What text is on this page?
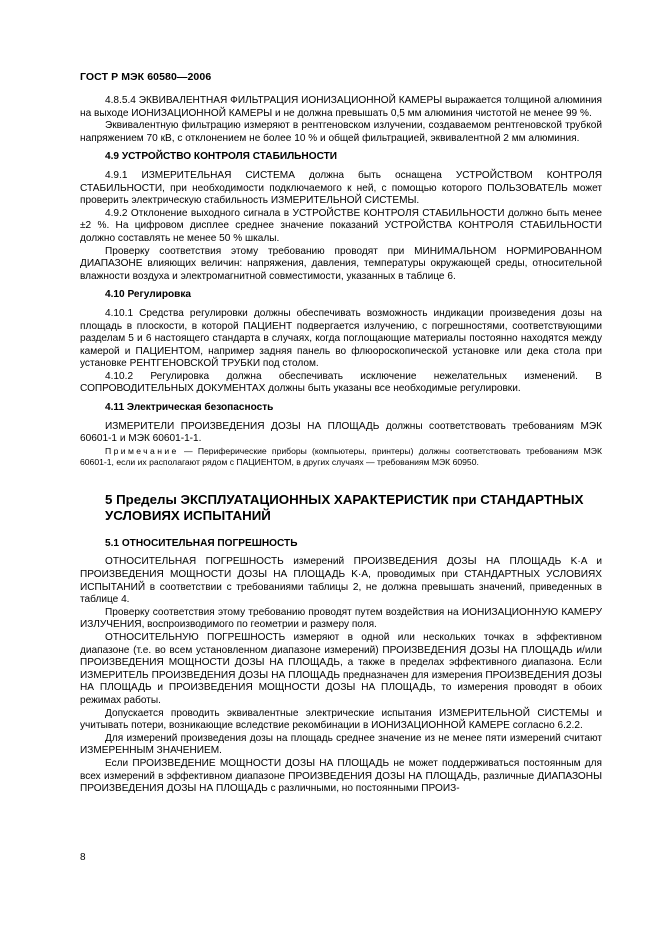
ГОСТ Р МЭК 60580—2006

4.8.5.4 ЭКВИВАЛЕНТНАЯ ФИЛЬТРАЦИЯ ИОНИЗАЦИОННОЙ КАМЕРЫ выражается толщиной алюминия на выходе ИОНИЗАЦИОННОЙ КАМЕРЫ и не должна превышать 0,5 мм алюминия чистотой не менее 99 %.

Эквивалентную фильтрацию измеряют в рентгеновском излучении, создаваемом рентгеновской трубкой напряжением 70 кВ, с отклонением не более 10 % и общей фильтрацией, эквивалентной 2 мм алюминия.

4.9 УСТРОЙСТВО КОНТРОЛЯ СТАБИЛЬНОСТИ

4.9.1 ИЗМЕРИТЕЛЬНАЯ СИСТЕМА должна быть оснащена УСТРОЙСТВОМ КОНТРОЛЯ СТАБИЛЬНОСТИ, при необходимости подключаемого к ней, с помощью которого ПОЛЬЗОВАТЕЛЬ может проверить электрическую стабильность ИЗМЕРИТЕЛЬНОЙ СИСТЕМЫ.

4.9.2 Отклонение выходного сигнала в УСТРОЙСТВЕ КОНТРОЛЯ СТАБИЛЬНОСТИ должно быть менее ±2 %. На цифровом дисплее среднее значение показаний УСТРОЙСТВА КОНТРОЛЯ СТАБИЛЬНОСТИ должно составлять не менее 50 % шкалы.

Проверку соответствия этому требованию проводят при МИНИМАЛЬНОМ НОРМИРОВАННОМ ДИАПАЗОНЕ влияющих величин: напряжения, давления, температуры окружающей среды, относительной влажности воздуха и электромагнитной совместимости, указанных в таблице 6.

4.10 Регулировка

4.10.1 Средства регулировки должны обеспечивать возможность индикации произведения дозы на площадь в плоскости, в которой ПАЦИЕНТ подвергается излучению, с погрешностями, соответствующими разделам 5 и 6 настоящего стандарта в случаях, когда поглощающие материалы постоянно находятся между камерой и ПАЦИЕНТОМ, например задняя панель во флюороскопической установке или дека стола при установке РЕНТГЕНОВСКОЙ ТРУБКИ под столом.

4.10.2 Регулировка должна обеспечивать исключение нежелательных изменений. В СОПРОВОДИТЕЛЬНЫХ ДОКУМЕНТАХ должны быть указаны все необходимые регулировки.

4.11 Электрическая безопасность

ИЗМЕРИТЕЛИ ПРОИЗВЕДЕНИЯ ДОЗЫ НА ПЛОЩАДЬ должны соответствовать требованиям МЭК 60601-1 и МЭК 60601-1-1.

Примечание — Периферические приборы (компьютеры, принтеры) должны соответствовать требованиям МЭК 60601-1, если их располагают рядом с ПАЦИЕНТОМ, в других случаях — требованиям МЭК 60950.

5 Пределы ЭКСПЛУАТАЦИОННЫХ ХАРАКТЕРИСТИК при СТАНДАРТНЫХ УСЛОВИЯХ ИСПЫТАНИЙ
5.1 ОТНОСИТЕЛЬНАЯ ПОГРЕШНОСТЬ

ОТНОСИТЕЛЬНАЯ ПОГРЕШНОСТЬ измерений ПРОИЗВЕДЕНИЯ ДОЗЫ НА ПЛОЩАДЬ K·A и ПРОИЗВЕДЕНИЯ МОЩНОСТИ ДОЗЫ НА ПЛОЩАДЬ K·A, проводимых при СТАНДАРТНЫХ УСЛОВИЯХ ИСПЫТАНИЙ в соответствии с требованиями таблицы 2, не должна превышать значений, приведенных в таблице 4.

Проверку соответствия этому требованию проводят путем воздействия на ИОНИЗАЦИОННУЮ КАМЕРУ ИЗЛУЧЕНИЯ, воспроизводимого по геометрии и размеру поля.

ОТНОСИТЕЛЬНУЮ ПОГРЕШНОСТЬ измеряют в одной или нескольких точках в эффективном диапазоне (т.е. во всем установленном диапазоне измерений) ПРОИЗВЕДЕНИЯ ДОЗЫ НА ПЛОЩАДЬ и/или ПРОИЗВЕДЕНИЯ МОЩНОСТИ ДОЗЫ НА ПЛОЩАДЬ, а также в пределах эффективного диапазона. Если ИЗМЕРИТЕЛЬ ПРОИЗВЕДЕНИЯ ДОЗЫ НА ПЛОЩАДЬ предназначен для измерения ПРОИЗВЕДЕНИЯ ДОЗЫ НА ПЛОЩАДЬ и ПРОИЗВЕДЕНИЯ МОЩНОСТИ ДОЗЫ НА ПЛОЩАДЬ, то измерения проводят в обоих режимах работы.

Допускается проводить эквивалентные электрические испытания ИЗМЕРИТЕЛЬНОЙ СИСТЕМЫ и учитывать потери, возникающие вследствие рекомбинации в ИОНИЗАЦИОННОЙ КАМЕРЕ согласно 6.2.2.

Для измерений произведения дозы на площадь среднее значение из не менее пяти измерений считают ИЗМЕРЕННЫМ ЗНАЧЕНИЕМ.

Если ПРОИЗВЕДЕНИЕ МОЩНОСТИ ДОЗЫ НА ПЛОЩАДЬ не может поддерживаться постоянным для всех измерений в эффективном диапазоне ПРОИЗВЕДЕНИЯ ДОЗЫ НА ПЛОЩАДЬ, различные ДИАПАЗОНЫ ПРОИЗВЕДЕНИЯ ДОЗЫ НА ПЛОЩАДЬ с различными, но постоянными ПРОИЗ-

8
